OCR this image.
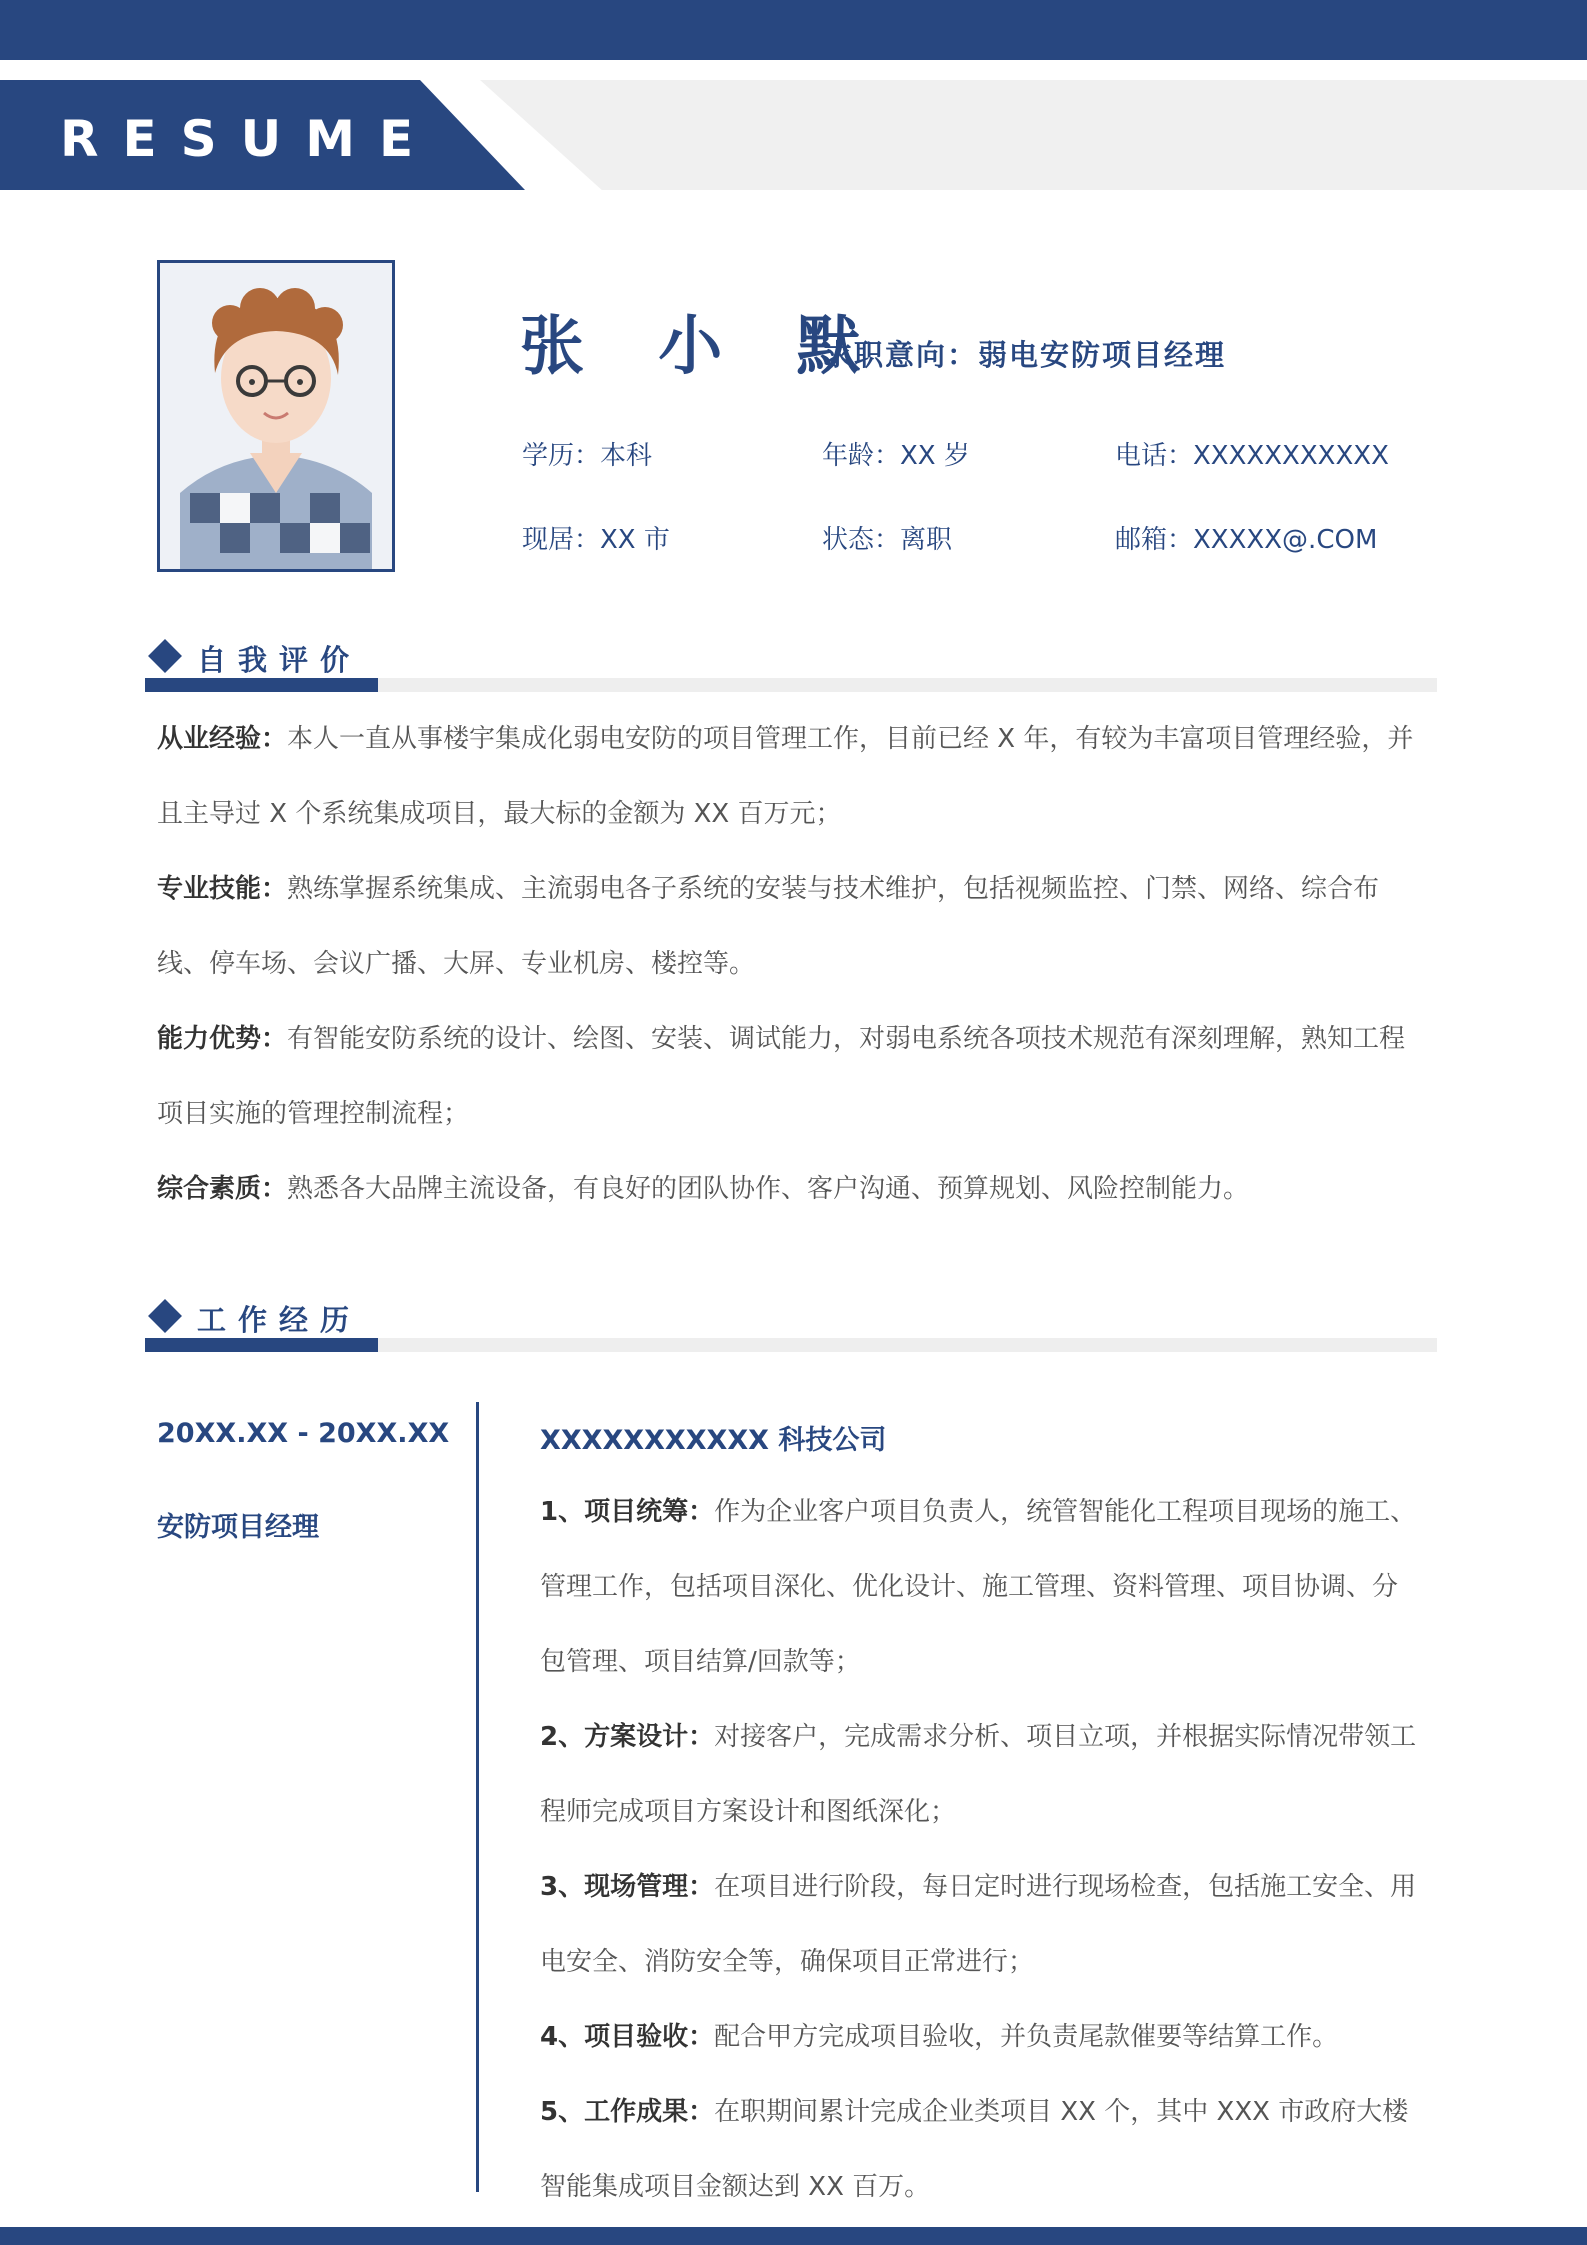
RESUME
张 小 默
求职意向：弱电安防项目经理
学历：本科	年龄：XX 岁	电话：XXXXXXXXXXX
现居：XX 市	状态：离职	邮箱：XXXXX@.COM
自我评价
从业经验：本人一直从事楼宇集成化弱电安防的项目管理工作，目前已经 X 年，有较为丰富项目管理经验，并且主导过 X 个系统集成项目，最大标的金额为 XX 百万元；
专业技能：熟练掌握系统集成、主流弱电各子系统的安装与技术维护，包括视频监控、门禁、网络、综合布线、停车场、会议广播、大屏、专业机房、楼控等。
能力优势：有智能安防系统的设计、绘图、安装、调试能力，对弱电系统各项技术规范有深刻理解，熟知工程项目实施的管理控制流程；
综合素质：熟悉各大品牌主流设备，有良好的团队协作、客户沟通、预算规划、风险控制能力。
工作经历
20XX.XX - 20XX.XX
安防项目经理
XXXXXXXXXXX 科技公司
1、项目统筹：作为企业客户项目负责人，统管智能化工程项目现场的施工、管理工作，包括项目深化、优化设计、施工管理、资料管理、项目协调、分包管理、项目结算/回款等；
2、方案设计：对接客户，完成需求分析、项目立项，并根据实际情况带领工程师完成项目方案设计和图纸深化；
3、现场管理：在项目进行阶段，每日定时进行现场检查，包括施工安全、用电安全、消防安全等，确保项目正常进行；
4、项目验收：配合甲方完成项目验收，并负责尾款催要等结算工作。
5、工作成果：在职期间累计完成企业类项目 XX 个，其中 XXX 市政府大楼智能集成项目金额达到 XX 百万。
